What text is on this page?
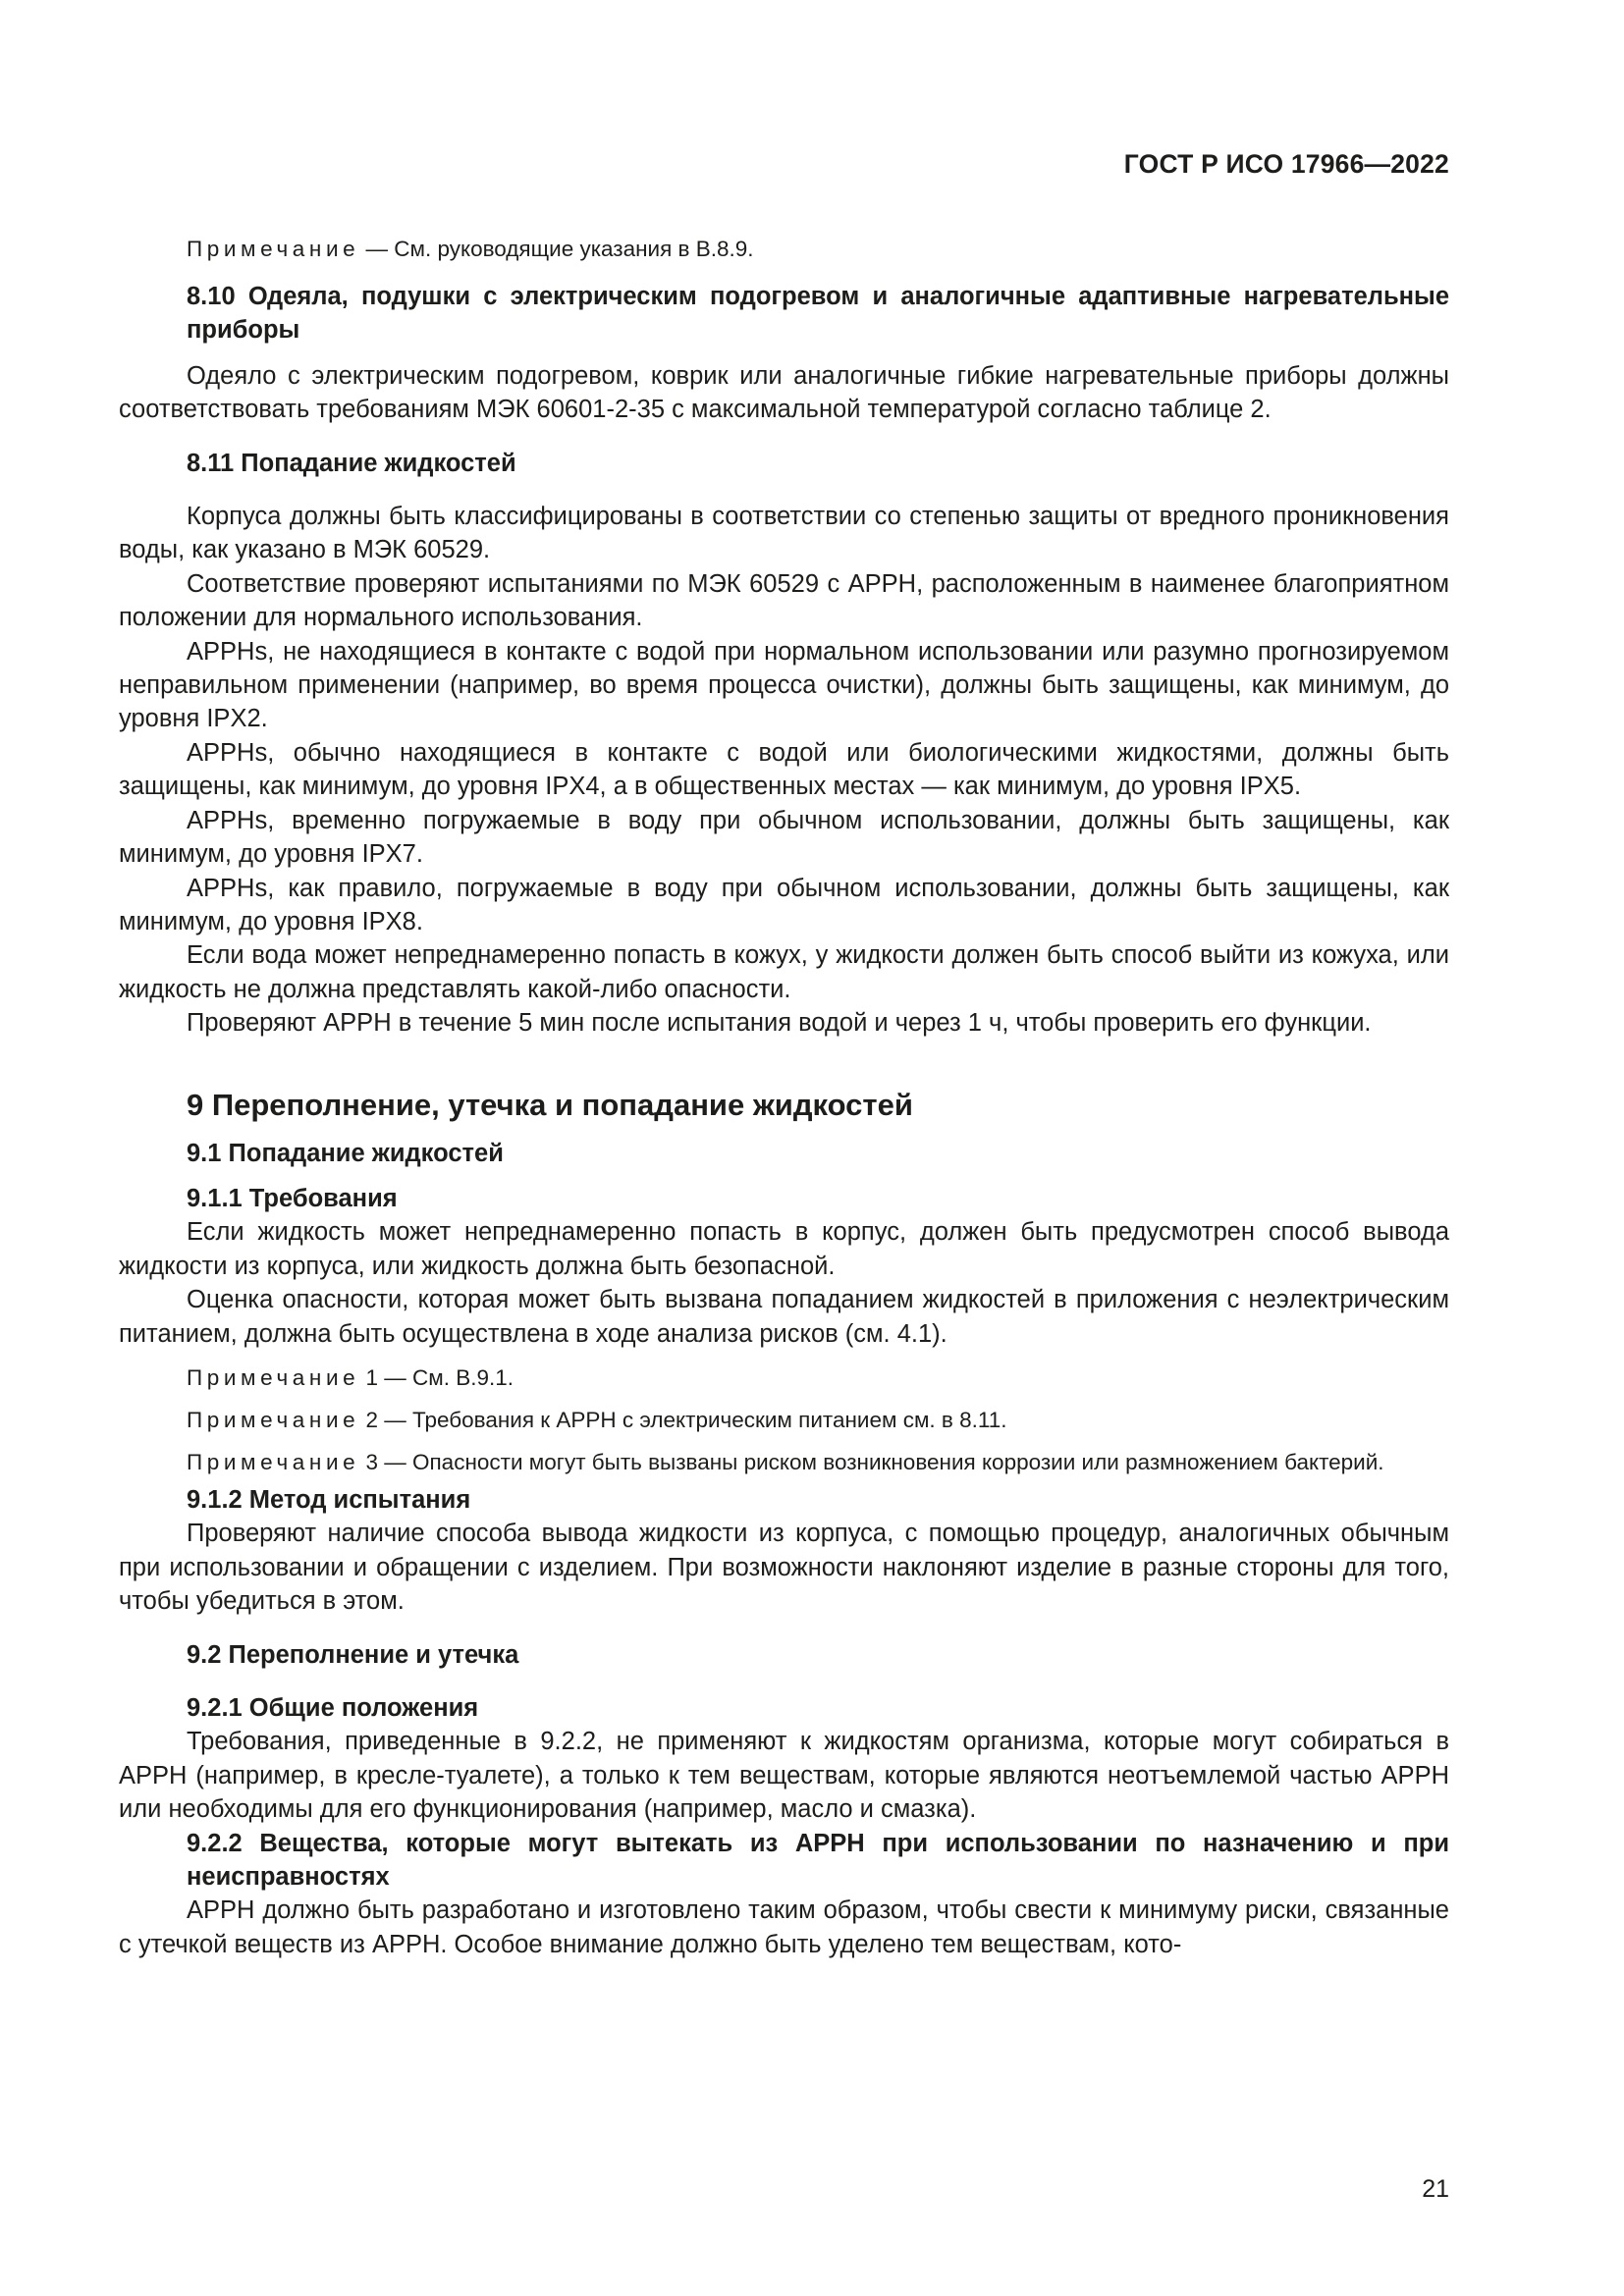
ГОСТ Р ИСО 17966—2022

Примечание — См. руководящие указания в B.8.9.

8.10 Одеяла, подушки с электрическим подогревом и аналогичные адаптивные нагревательные приборы

Одеяло с электрическим подогревом, коврик или аналогичные гибкие нагревательные приборы должны соответствовать требованиям МЭК 60601-2-35 с максимальной температурой согласно таблице 2.

8.11 Попадание жидкостей

Корпуса должны быть классифицированы в соответствии со степенью защиты от вредного проникновения воды, как указано в МЭК 60529.

Соответствие проверяют испытаниями по МЭК 60529 с APPH, расположенным в наименее благоприятном положении для нормального использования.

APPHs, не находящиеся в контакте с водой при нормальном использовании или разумно прогнозируемом неправильном применении (например, во время процесса очистки), должны быть защищены, как минимум, до уровня IPX2.

APPHs, обычно находящиеся в контакте с водой или биологическими жидкостями, должны быть защищены, как минимум, до уровня IPX4, а в общественных местах — как минимум, до уровня IPX5.

APPHs, временно погружаемые в воду при обычном использовании, должны быть защищены, как минимум, до уровня IPX7.

APPHs, как правило, погружаемые в воду при обычном использовании, должны быть защищены, как минимум, до уровня IPX8.

Если вода может непреднамеренно попасть в кожух, у жидкости должен быть способ выйти из кожуха, или жидкость не должна представлять какой-либо опасности.

Проверяют APPH в течение 5 мин после испытания водой и через 1 ч, чтобы проверить его функции.

9 Переполнение, утечка и попадание жидкостей

9.1 Попадание жидкостей

9.1.1 Требования

Если жидкость может непреднамеренно попасть в корпус, должен быть предусмотрен способ вывода жидкости из корпуса, или жидкость должна быть безопасной.

Оценка опасности, которая может быть вызвана попаданием жидкостей в приложения с неэлектрическим питанием, должна быть осуществлена в ходе анализа рисков (см. 4.1).

Примечание 1 — См. B.9.1.

Примечание 2 — Требования к APPH с электрическим питанием см. в 8.11.

Примечание 3 — Опасности могут быть вызваны риском возникновения коррозии или размножением бактерий.

9.1.2 Метод испытания

Проверяют наличие способа вывода жидкости из корпуса, с помощью процедур, аналогичных обычным при использовании и обращении с изделием. При возможности наклоняют изделие в разные стороны для того, чтобы убедиться в этом.

9.2 Переполнение и утечка

9.2.1 Общие положения

Требования, приведенные в 9.2.2, не применяют к жидкостям организма, которые могут собираться в APPH (например, в кресле-туалете), а только к тем веществам, которые являются неотъемлемой частью APPH или необходимы для его функционирования (например, масло и смазка).

9.2.2 Вещества, которые могут вытекать из APPH при использовании по назначению и при неисправностях

APPH должно быть разработано и изготовлено таким образом, чтобы свести к минимуму риски, связанные с утечкой веществ из APPH. Особое внимание должно быть уделено тем веществам, кото-

21
